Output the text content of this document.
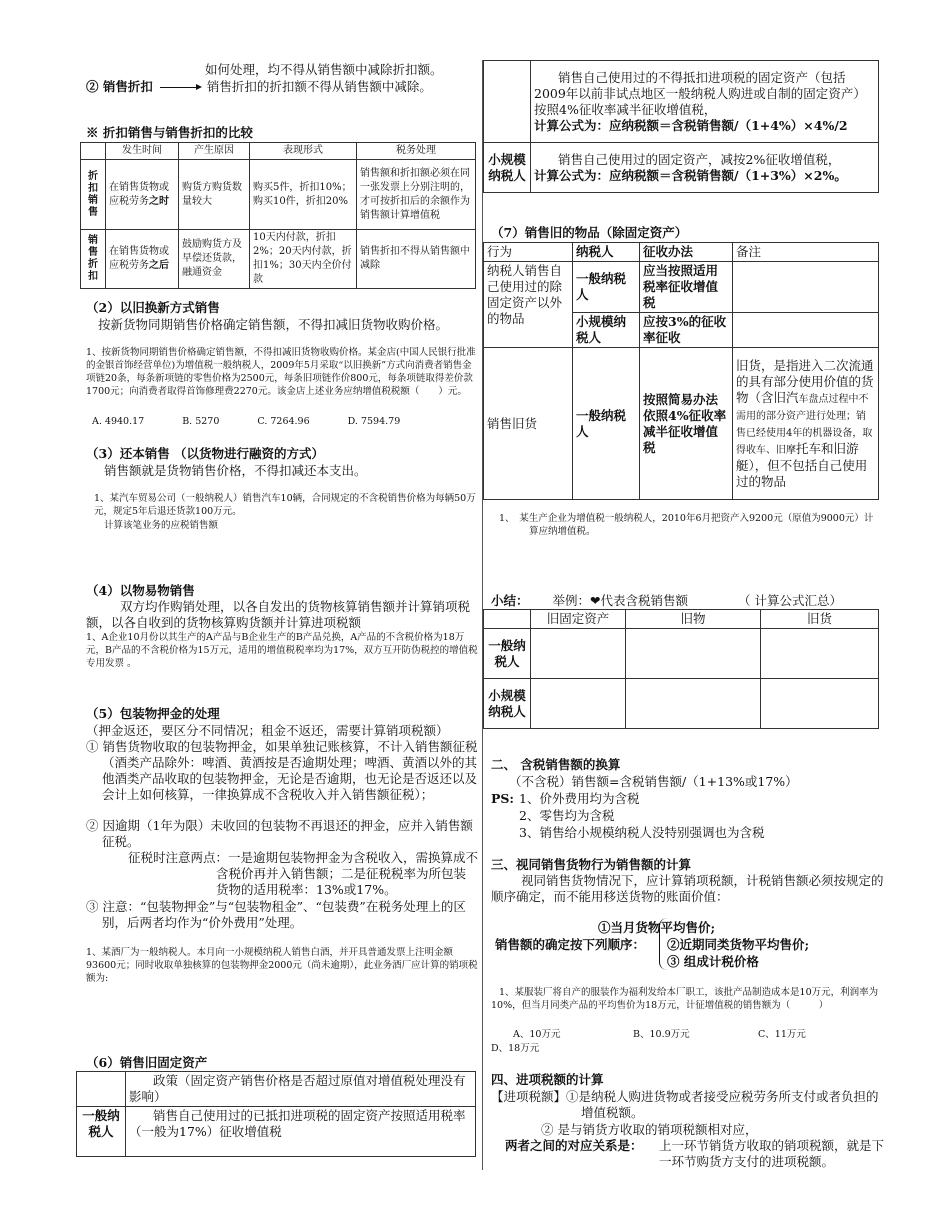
如何处理，均不得从销售额中减除折扣额。
② 销售折扣	销售折扣的折扣额不得从销售额中减除。
※ 折扣销售与销售折扣的比较
	发生时间	产生原因	表现形式	税务处理
折扣销售	在销售货物或应税劳务之时	购货方购货数量较大	购买5件，折扣10%；购买10件，折扣20%	销售额和折扣额必须在同一张发票上分别注明的，才可按折扣后的余额作为销售额计算增值税
销售折扣	在销售货物或应税劳务之后	鼓励购货方及早偿还货款，融通资金	10天内付款，折扣2%；20天内付款，折扣1%；30天内全价付款	销售折扣不得从销售额中减除
（2）以旧换新方式销售
按新货物同期销售价格确定销售额，不得扣减旧货物收购价格。
1、按新货物同期销售价格确定销售额，不得扣减旧货物收购价格。某金店(中国人民银行批准的金银首饰经营单位)为增值税一般纳税人，2009年5月采取“以旧换新”方式向消费者销售金项链20条，每条新项链的零售价格为2500元，每条旧项链作价800元，每条项链取得差价款1700元；向消费者取得首饰修理费2270元。该金店上述业务应纳增值税税额（　　）元。
A. 4940.17	B. 5270	C. 7264.96	D. 7594.79
（3）还本销售 （以货物进行融资的方式）
销售额就是货物销售价格，不得扣减还本支出。
1、某汽车贸易公司（一般纳税人）销售汽车10辆，合同规定的不含税销售价格为每辆50万元，规定5年后退还货款100万元。
计算该笔业务的应税销售额
（4）以物易物销售
双方均作购销处理，以各自发出的货物核算销售额并计算销项税额，以各自收到的货物核算购货额并计算进项税额
1、A企业10月份以其生产的A产品与B企业生产的B产品兑换，A产品的不含税价格为18万元，B产品的不含税价格为15万元，适用的增值税税率均为17%，双方互开防伪税控的增值税专用发票 。
（5）包装物押金的处理
（押金返还，要区分不同情况；租金不返还，需要计算销项税额）
① 销售货物收取的包装物押金，如果单独记账核算，不计入销售额征税（酒类产品除外：啤酒、黄酒按是否逾期处理；啤酒、黄酒以外的其他酒类产品收取的包装物押金，无论是否逾期，也无论是否返还以及会计上如何核算，一律换算成不含税收入并入销售额征税）；
② 因逾期（1年为限）未收回的包装物不再退还的押金，应并入销售额征税。
征税时注意两点：一是逾期包装物押金为含税收入，需换算成不含税价再并入销售额；二是征税税率为所包装货物的适用税率：13%或17%。
③ 注意：“包装物押金”与“包装物租金”、“包装费”在税务处理上的区别，后两者均作为“价外费用”处理。
1、某酒厂为一般纳税人。本月向一小规模纳税人销售白酒，并开具普通发票上注明金额93600元；同时收取单独核算的包装物押金2000元（尚未逾期），此业务酒厂应计算的销项税额为:
（6）销售旧固定资产
	政策（固定资产销售价格是否超过原值对增值税处理没有影响）
一般纳税人	销售自己使用过的已抵扣进项税的固定资产按照适用税率（一般为17%）征收增值税

	销售自己使用过的不得抵扣进项税的固定资产（包括2009年以前非试点地区一般纳税人购进或自制的固定资产）按照4%征收率减半征收增值税，
计算公式为：应纳税额＝含税销售额/（1+4%）×4%/2

小规模纳税人	销售自己使用过的固定资产，减按2%征收增值税，
计算公式为：应纳税额＝含税销售额/（1+3%）×2%。
（7）销售旧的物品（除固定资产）
行为	纳税人	征收办法	备注
纳税人销售自己使用过的除固定资产以外的物品	一般纳税人	应当按照适用税率征收增值税	
	小规模纳税人	应按3%的征收率征收	
销售旧货	一般纳税人	按照简易办法依照4%征收率减半征收增值税	旧货，是指进入二次流通的具有部分使用价值的货物（含旧汽车盘点过程中不需用的部分资产进行处理；销售已经使用4年的机器设备，取得收车、旧摩托车和旧游艇），但不包括自己使用过的物品
1、　某生产企业为增值税一般纳税人，2010年6月把资产入9200元（原值为9000元）计算应纳增值税。
小结： 举例：❤代表含税销售额	（ 计算公式汇总）
	旧固定资产	旧物	旧货
一般纳税人			
小规模纳税人			
二、 含税销售额的换算
（不含税）销售额=含税销售额/（1+13%或17%）
PS: 1、价外费用均为含税
2、零售均为含税
3、销售给小规模纳税人没特别强调也为含税
三、视同销售货物行为销售额的计算
视同销售货物情况下，应计算销项税额，计税销售额必须按规定的顺序确定，而不能用移送货物的账面价值：
①当月货物平均售价;
销售额的确定按下列顺序： ②近期同类货物平均售价;
③ 组成计税价格
1、某服装厂将自产的服装作为福利发给本厂职工，该批产品制造成本是10万元，利润率为10%，但当月同类产品的平均售价为18万元，计征增值税的销售额为（　　　）
A、10万元	B、10.9万元	C、11万元
D、18万元
四、进项税额的计算
【进项税额】①是纳税人购进货物或者接受应税劳务所支付或者负担的增值税额。
② 是与销货方收取的销项税额相对应，
两者之间的对应关系是： 上一环节销货方收取的销项税额，就是下一环节购货方支付的进项税额。
